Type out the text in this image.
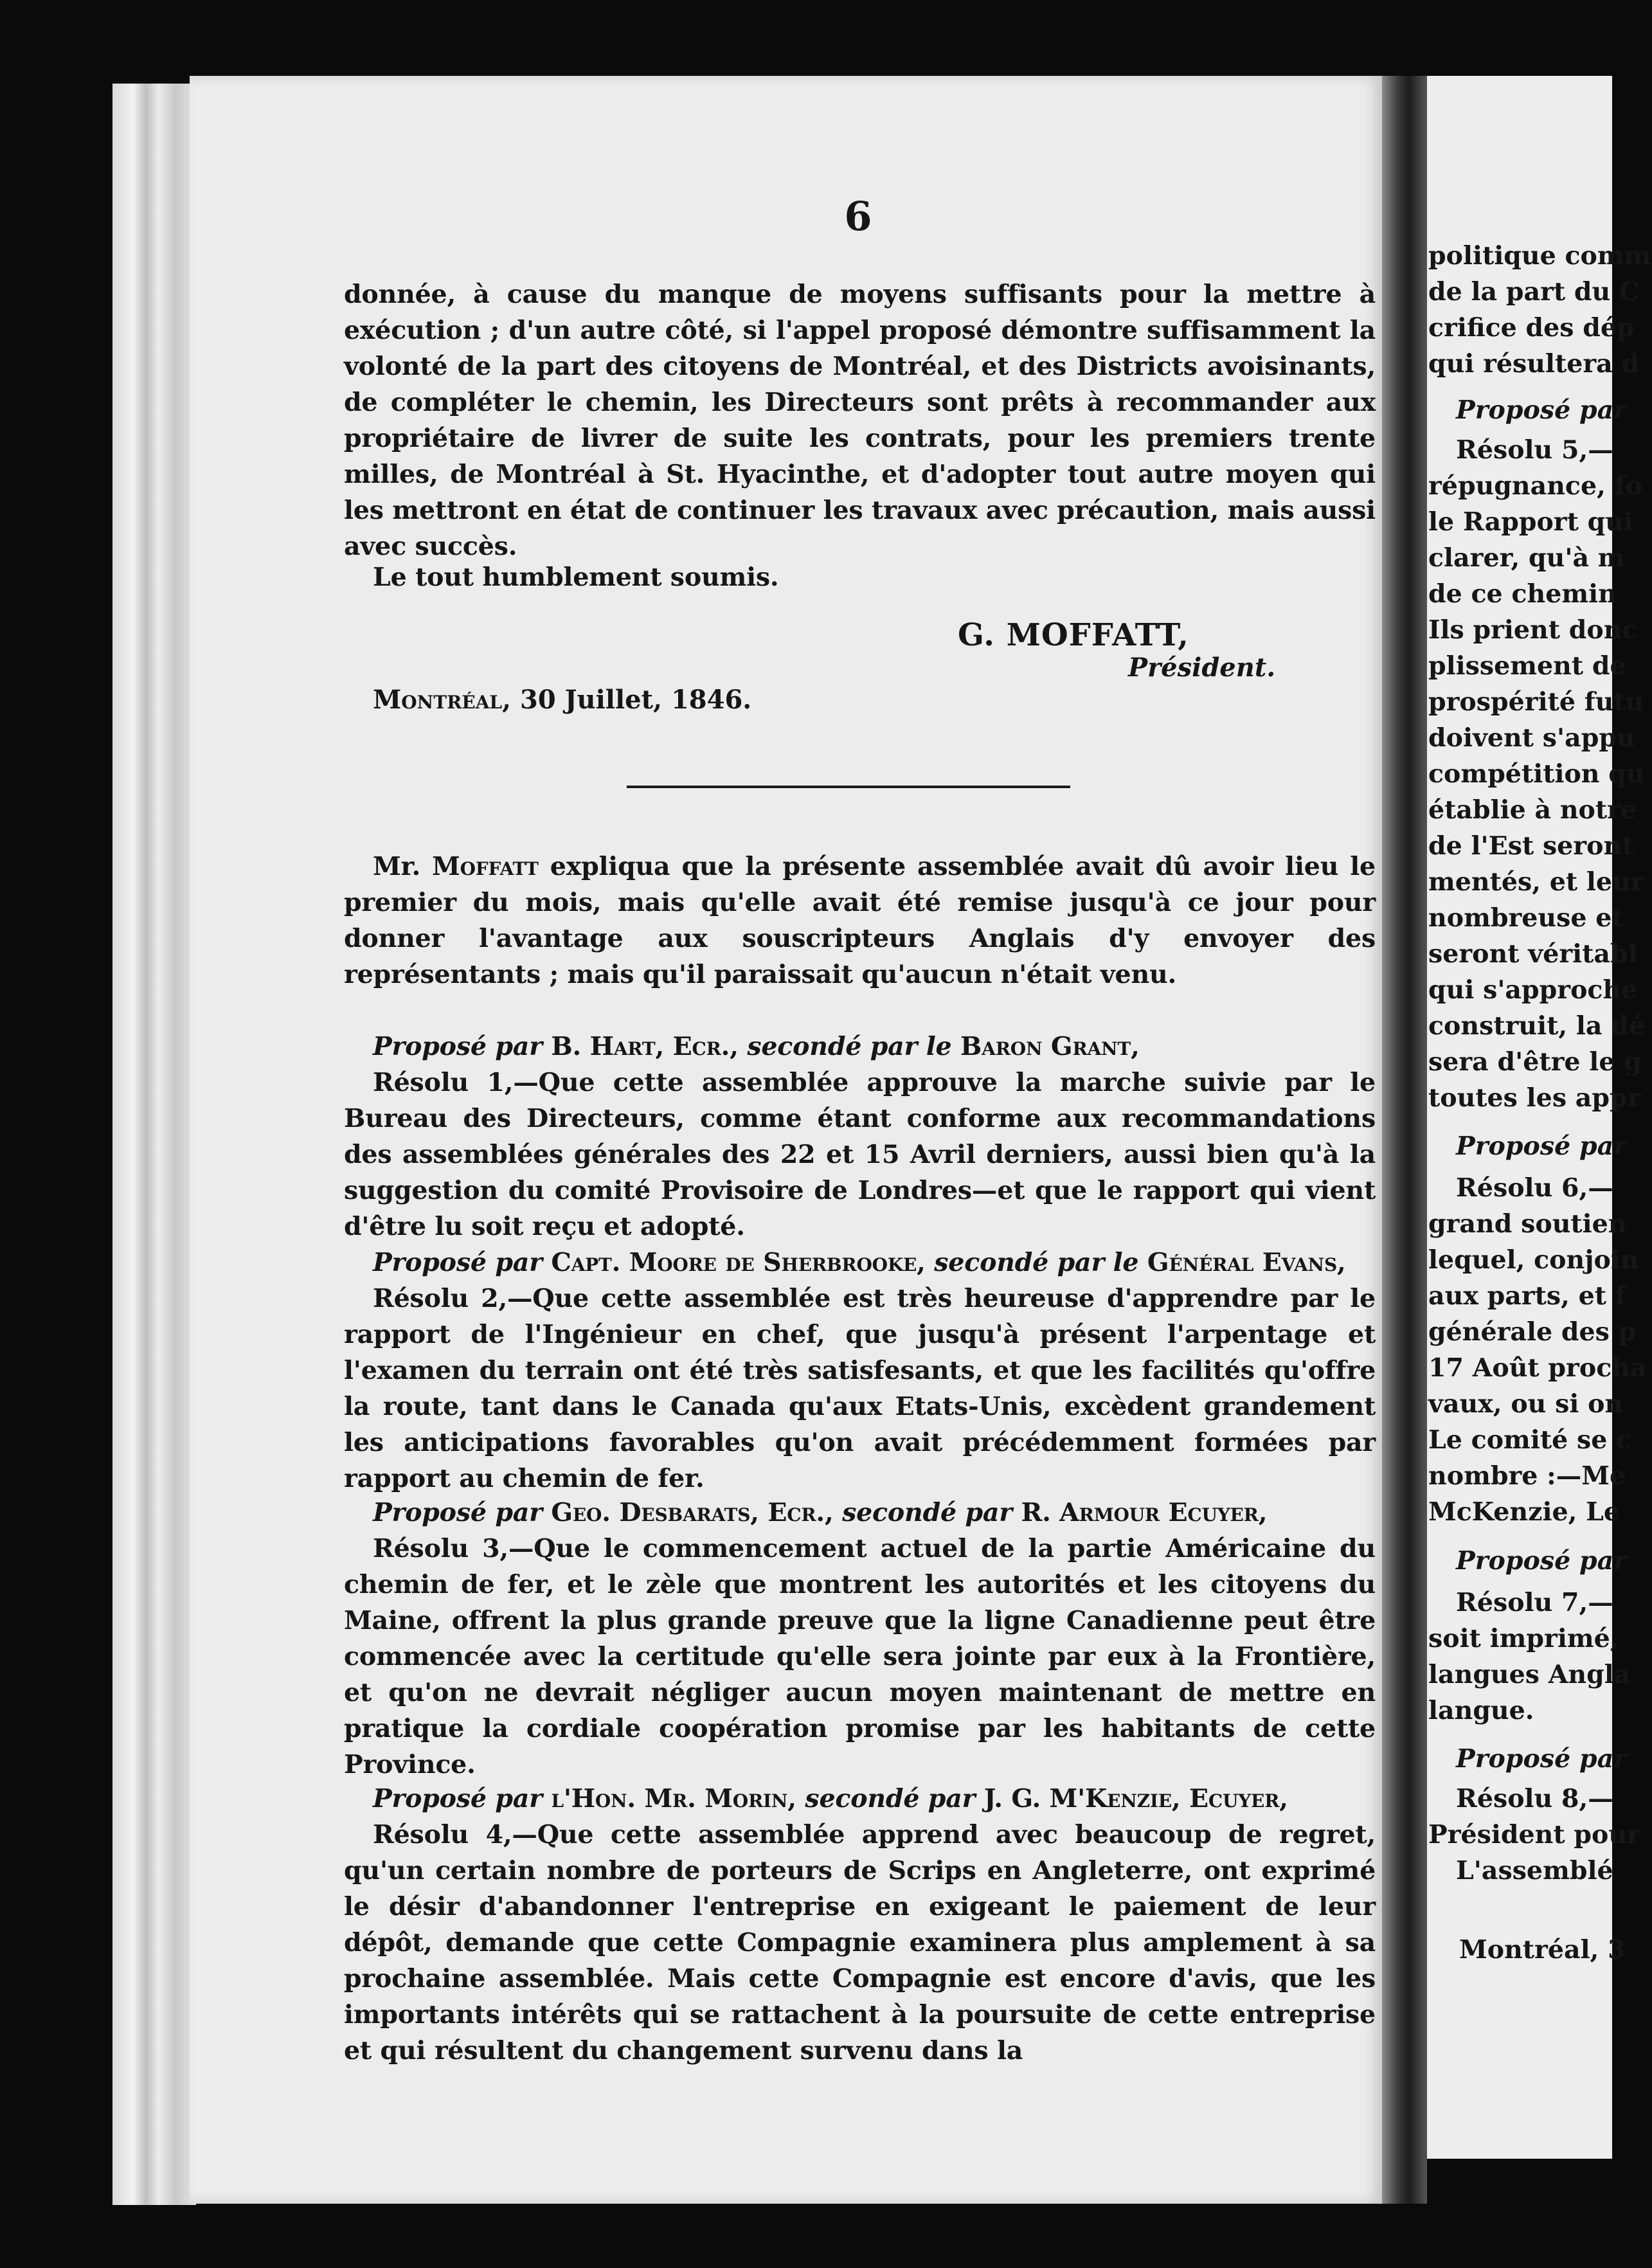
6

donnée, à cause du manque de moyens suffisants pour la mettre à exécution ; d'un autre côté, si l'appel proposé démontre suffisamment la volonté de la part des citoyens de Montréal, et des Districts avoisinants, de compléter le chemin, les Directeurs sont prêts à recommander aux propriétaire de livrer de suite les contrats, pour les premiers trente milles, de Montréal à St. Hyacinthe, et d'adopter tout autre moyen qui les mettront en état de continuer les travaux avec précaution, mais aussi avec succès.

Le tout humblement soumis.

G. MOFFATT,
Président.
Montréal, 30 Juillet, 1846.

Mr. Moffatt expliqua que la présente assemblée avait dû avoir lieu le premier du mois, mais qu'elle avait été remise jusqu'à ce jour pour donner l'avantage aux souscripteurs Anglais d'y envoyer des représentants ; mais qu'il paraissait qu'aucun n'était venu.

Proposé par B. Hart, Ecr., secondé par le Baron Grant,

Résolu 1,—Que cette assemblée approuve la marche suivie par le Bureau des Directeurs, comme étant conforme aux recommandations des assemblées générales des 22 et 15 Avril derniers, aussi bien qu'à la suggestion du comité Provisoire de Londres—et que le rapport qui vient d'être lu soit reçu et adopté.

Proposé par Capt. Moore de Sherbrooke, secondé par le Général Evans,

Résolu 2,—Que cette assemblée est très heureuse d'apprendre par le rapport de l'Ingénieur en chef, que jusqu'à présent l'arpentage et l'examen du terrain ont été très satisfesants, et que les facilités qu'offre la route, tant dans le Canada qu'aux Etats-Unis, excèdent grandement les anticipations favorables qu'on avait précédemment formées par rapport au chemin de fer.

Proposé par Geo. Desbarats, Ecr., secondé par R. Armour Ecuyer,

Résolu 3,—Que le commencement actuel de la partie Américaine du chemin de fer, et le zèle que montrent les autorités et les citoyens du Maine, offrent la plus grande preuve que la ligne Canadienne peut être commencée avec la certitude qu'elle sera jointe par eux à la Frontière, et qu'on ne devrait négliger aucun moyen maintenant de mettre en pratique la cordiale coopération promise par les habitants de cette Province.

Proposé par l'Hon. Mr. Morin, secondé par J. G. M'Kenzie, Ecuyer,

Résolu 4,—Que cette assemblée apprend avec beaucoup de regret, qu'un certain nombre de porteurs de Scrips en Angleterre, ont exprimé le désir d'abandonner l'entreprise en exigeant le paiement de leur dépôt, demande que cette Compagnie examinera plus amplement à sa prochaine assemblée. Mais cette Compagnie est encore d'avis, que les importants intérêts qui se rattachent à la poursuite de cette entreprise et qui résultent du changement survenu dans la

politique comm
de la part du C
crifice des dép
qui résultera d
Proposé par
Résolu 5,—
répugnance, fo
le Rapport qui
clarer, qu'à m
de ce chemin
Ils prient donc
plissement de
prospérité futu
doivent s'appu
compétition qu
établie à notre
de l'Est seront
mentés, et leur
nombreuse et
seront véritabl
qui s'approche
construit, la dé
sera d'être le g
toutes les appr
Proposé par
Résolu 6,—
grand soutien
lequel, conjoin
aux parts, et f
générale des p
17 Août procha
vaux, ou si on
Le comité se c
nombre :—Me
McKenzie, Le
Proposé par
Résolu 7,—
soit imprimé,
langues Angla
langue.
Proposé par
Résolu 8,—
Président pour
L'assemblé
Montréal, 3
